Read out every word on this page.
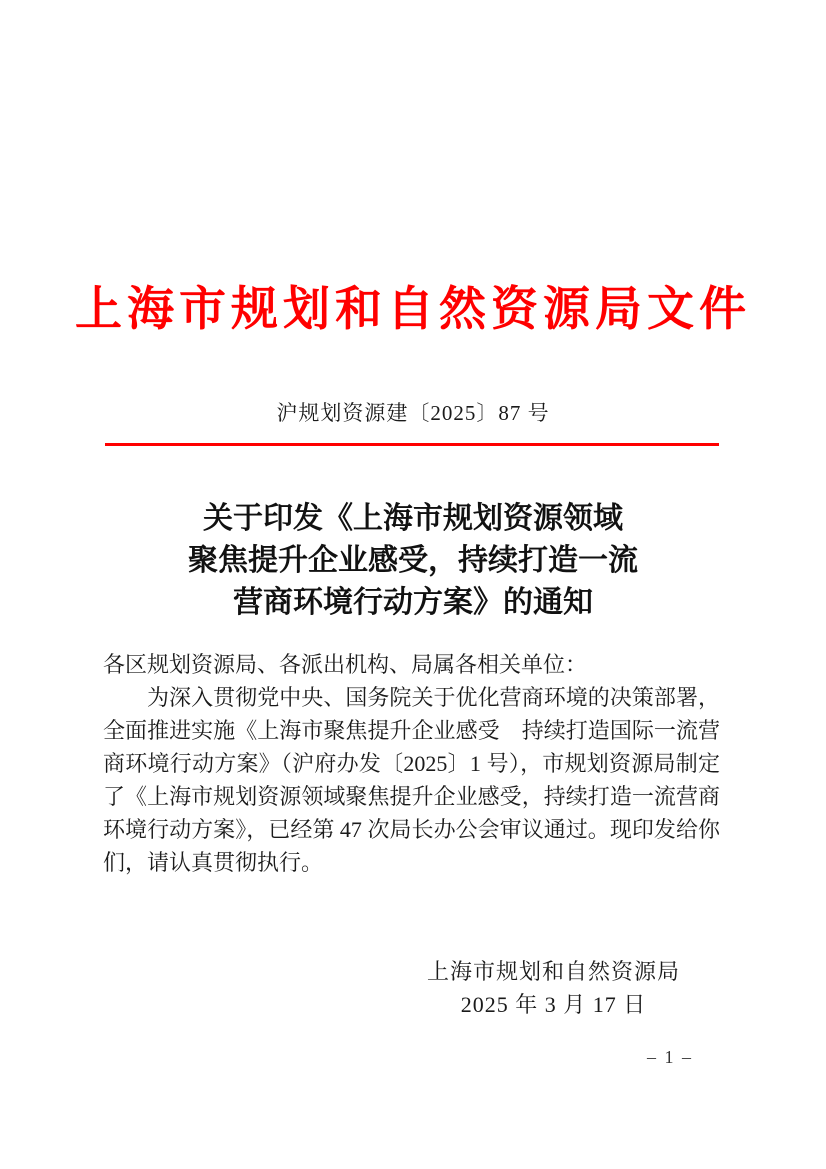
上海市规划和自然资源局文件
沪规划资源建〔2025〕87 号
关于印发《上海市规划资源领域
聚焦提升企业感受，持续打造一流
营商环境行动方案》的通知
各区规划资源局、各派出机构、局属各相关单位：
为深入贯彻党中央、国务院关于优化营商环境的决策部署，全面推进实施《上海市聚焦提升企业感受　持续打造国际一流营商环境行动方案》（沪府办发〔2025〕1 号），市规划资源局制定了《上海市规划资源领域聚焦提升企业感受，持续打造一流营商环境行动方案》，已经第 47 次局长办公会审议通过。现印发给你们，请认真贯彻执行。
上海市规划和自然资源局
2025 年 3 月 17 日
– 1 –
